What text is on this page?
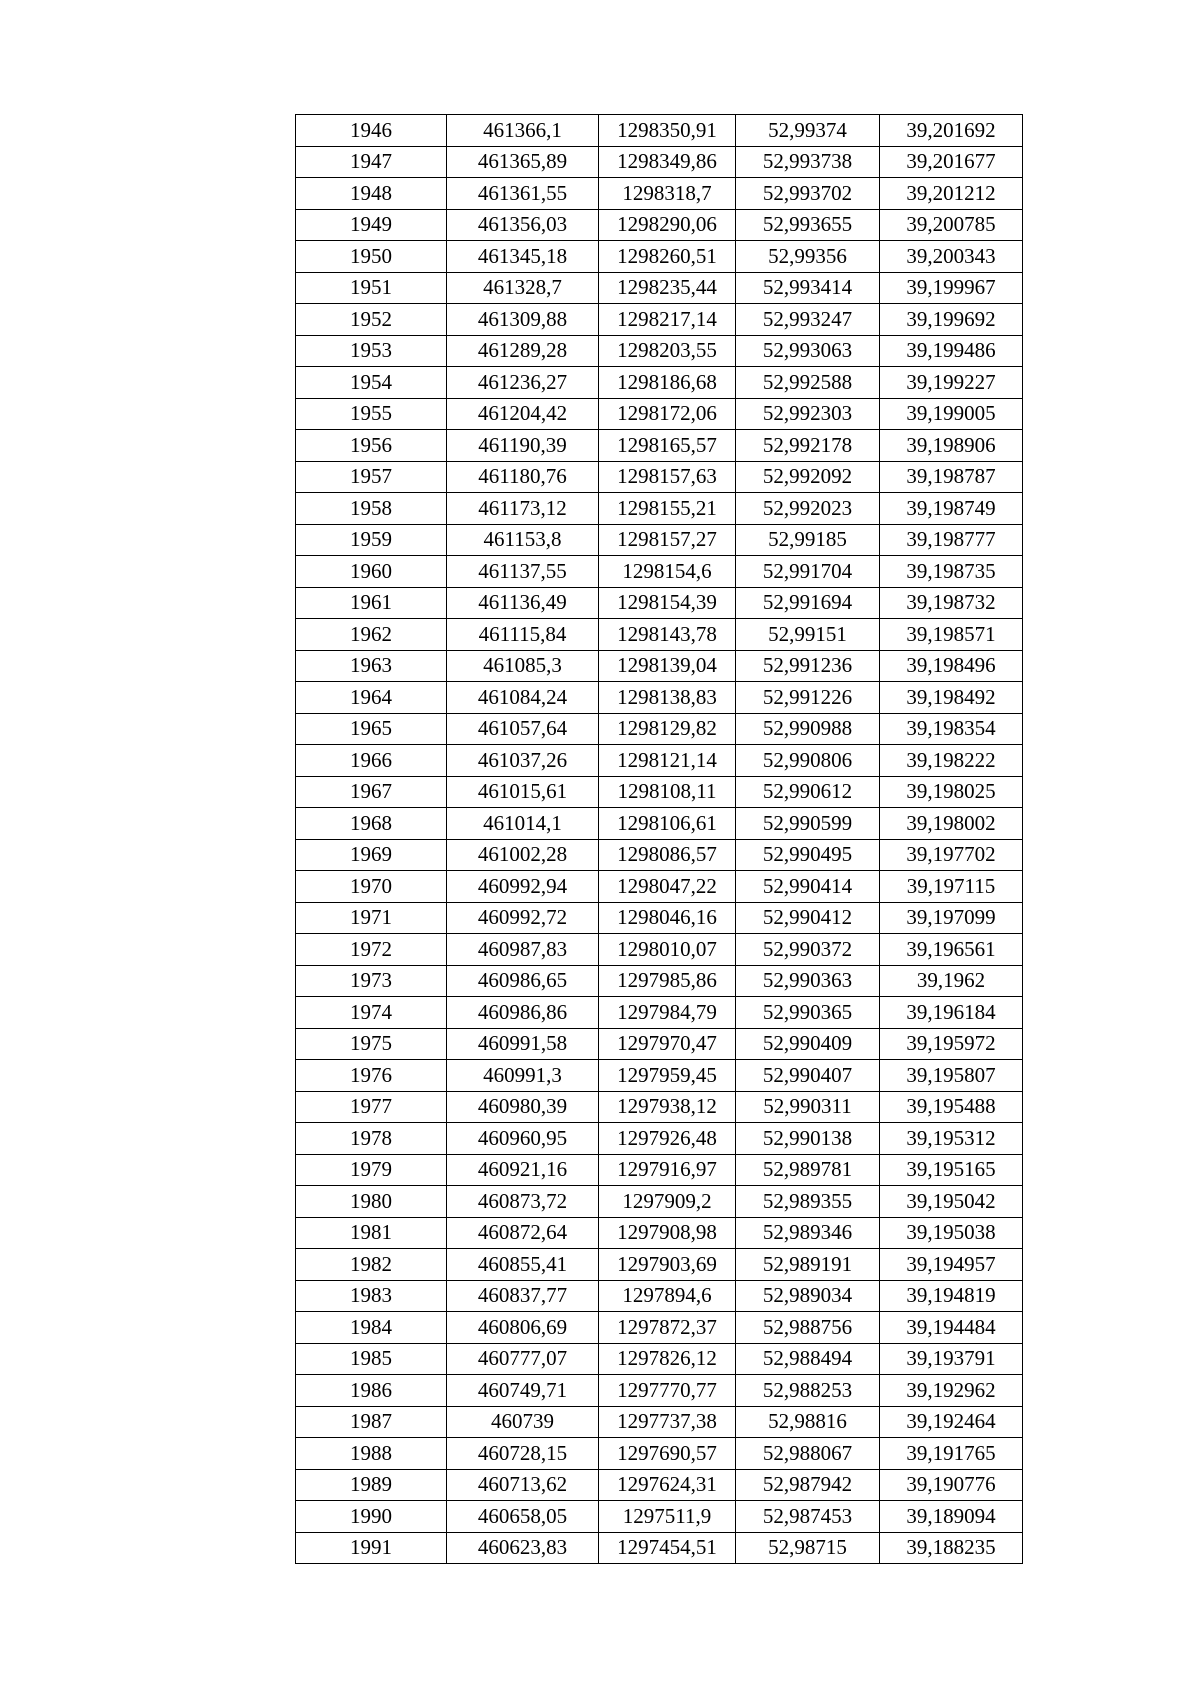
1946	461366,1	1298350,91	52,99374	39,201692
1947	461365,89	1298349,86	52,993738	39,201677
1948	461361,55	1298318,7	52,993702	39,201212
1949	461356,03	1298290,06	52,993655	39,200785
1950	461345,18	1298260,51	52,99356	39,200343
1951	461328,7	1298235,44	52,993414	39,199967
1952	461309,88	1298217,14	52,993247	39,199692
1953	461289,28	1298203,55	52,993063	39,199486
1954	461236,27	1298186,68	52,992588	39,199227
1955	461204,42	1298172,06	52,992303	39,199005
1956	461190,39	1298165,57	52,992178	39,198906
1957	461180,76	1298157,63	52,992092	39,198787
1958	461173,12	1298155,21	52,992023	39,198749
1959	461153,8	1298157,27	52,99185	39,198777
1960	461137,55	1298154,6	52,991704	39,198735
1961	461136,49	1298154,39	52,991694	39,198732
1962	461115,84	1298143,78	52,99151	39,198571
1963	461085,3	1298139,04	52,991236	39,198496
1964	461084,24	1298138,83	52,991226	39,198492
1965	461057,64	1298129,82	52,990988	39,198354
1966	461037,26	1298121,14	52,990806	39,198222
1967	461015,61	1298108,11	52,990612	39,198025
1968	461014,1	1298106,61	52,990599	39,198002
1969	461002,28	1298086,57	52,990495	39,197702
1970	460992,94	1298047,22	52,990414	39,197115
1971	460992,72	1298046,16	52,990412	39,197099
1972	460987,83	1298010,07	52,990372	39,196561
1973	460986,65	1297985,86	52,990363	39,1962
1974	460986,86	1297984,79	52,990365	39,196184
1975	460991,58	1297970,47	52,990409	39,195972
1976	460991,3	1297959,45	52,990407	39,195807
1977	460980,39	1297938,12	52,990311	39,195488
1978	460960,95	1297926,48	52,990138	39,195312
1979	460921,16	1297916,97	52,989781	39,195165
1980	460873,72	1297909,2	52,989355	39,195042
1981	460872,64	1297908,98	52,989346	39,195038
1982	460855,41	1297903,69	52,989191	39,194957
1983	460837,77	1297894,6	52,989034	39,194819
1984	460806,69	1297872,37	52,988756	39,194484
1985	460777,07	1297826,12	52,988494	39,193791
1986	460749,71	1297770,77	52,988253	39,192962
1987	460739	1297737,38	52,98816	39,192464
1988	460728,15	1297690,57	52,988067	39,191765
1989	460713,62	1297624,31	52,987942	39,190776
1990	460658,05	1297511,9	52,987453	39,189094
1991	460623,83	1297454,51	52,98715	39,188235
